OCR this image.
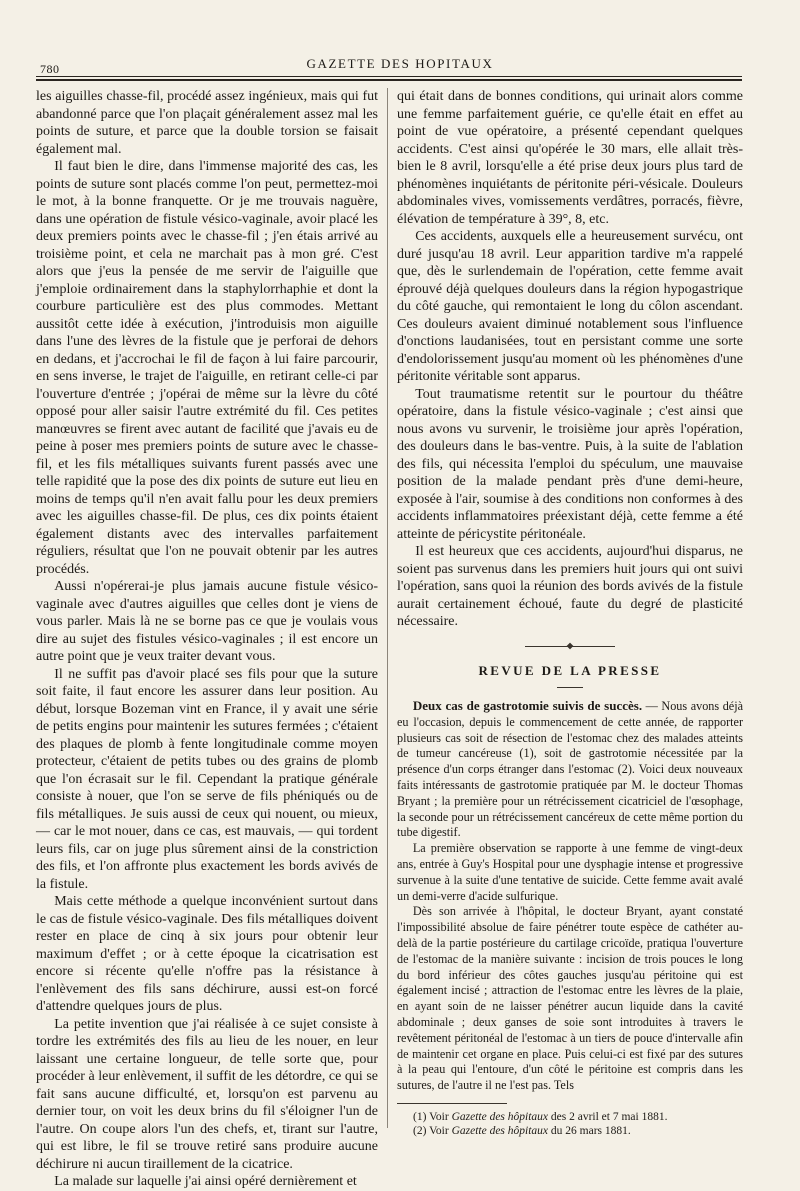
780	GAZETTE DES HOPITAUX

les aiguilles chasse-fil, procédé assez ingénieux, mais qui fut abandonné parce que l'on plaçait généralement assez mal les points de suture, et parce que la double torsion se faisait également mal.

Il faut bien le dire, dans l'immense majorité des cas, les points de suture sont placés comme l'on peut, permettez-moi le mot, à la bonne franquette. Or je me trouvais naguère, dans une opération de fistule vésico-vaginale, avoir placé les deux premiers points avec le chasse-fil ; j'en étais arrivé au troisième point, et cela ne marchait pas à mon gré. C'est alors que j'eus la pensée de me servir de l'aiguille que j'emploie ordinairement dans la staphylorrhaphie et dont la courbure particulière est des plus commodes. Mettant aussitôt cette idée à exécution, j'introduisis mon aiguille dans l'une des lèvres de la fistule que je perforai de dehors en dedans, et j'accrochai le fil de façon à lui faire parcourir, en sens inverse, le trajet de l'aiguille, en retirant celle-ci par l'ouverture d'entrée ; j'opérai de même sur la lèvre du côté opposé pour aller saisir l'autre extrémité du fil. Ces petites manœuvres se firent avec autant de facilité que j'avais eu de peine à poser mes premiers points de suture avec le chasse-fil, et les fils métalliques suivants furent passés avec une telle rapidité que la pose des dix points de suture eut lieu en moins de temps qu'il n'en avait fallu pour les deux premiers avec les aiguilles chasse-fil. De plus, ces dix points étaient également distants avec des intervalles parfaitement réguliers, résultat que l'on ne pouvait obtenir par les autres procédés.

Aussi n'opérerai-je plus jamais aucune fistule vésico-vaginale avec d'autres aiguilles que celles dont je viens de vous parler. Mais là ne se borne pas ce que je voulais vous dire au sujet des fistules vésico-vaginales ; il est encore un autre point que je veux traiter devant vous.

Il ne suffit pas d'avoir placé ses fils pour que la suture soit faite, il faut encore les assurer dans leur position. Au début, lorsque Bozeman vint en France, il y avait une série de petits engins pour maintenir les sutures fermées ; c'étaient des plaques de plomb à fente longitudinale comme moyen protecteur, c'étaient de petits tubes ou des grains de plomb que l'on écrasait sur le fil. Cependant la pratique générale consiste à nouer, que l'on se serve de fils phéniqués ou de fils métalliques. Je suis aussi de ceux qui nouent, ou mieux, — car le mot nouer, dans ce cas, est mauvais, — qui tordent leurs fils, car on juge plus sûrement ainsi de la constriction des fils, et l'on affronte plus exactement les bords avivés de la fistule.

Mais cette méthode a quelque inconvénient surtout dans le cas de fistule vésico-vaginale. Des fils métalliques doivent rester en place de cinq à six jours pour obtenir leur maximum d'effet ; or à cette époque la cicatrisation est encore si récente qu'elle n'offre pas la résistance à l'enlèvement des fils sans déchirure, aussi est-on forcé d'attendre quelques jours de plus.

La petite invention que j'ai réalisée à ce sujet consiste à tordre les extrémités des fils au lieu de les nouer, en leur laissant une certaine longueur, de telle sorte que, pour procéder à leur enlèvement, il suffit de les détordre, ce qui se fait sans aucune difficulté, et, lorsqu'on est parvenu au dernier tour, on voit les deux brins du fil s'éloigner l'un de l'autre. On coupe alors l'un des chefs, et, tirant sur l'autre, qui est libre, le fil se trouve retiré sans produire aucune déchirure ni aucun tiraillement de la cicatrice.

La malade sur laquelle j'ai ainsi opéré dernièrement et

qui était dans de bonnes conditions, qui urinait alors comme une femme parfaitement guérie, ce qu'elle était en effet au point de vue opératoire, a présenté cependant quelques accidents. C'est ainsi qu'opérée le 30 mars, elle allait très-bien le 8 avril, lorsqu'elle a été prise deux jours plus tard de phénomènes inquiétants de péritonite péri-vésicale. Douleurs abdominales vives, vomissements verdâtres, porracés, fièvre, élévation de température à 39°, 8, etc.

Ces accidents, auxquels elle a heureusement survécu, ont duré jusqu'au 18 avril. Leur apparition tardive m'a rappelé que, dès le surlendemain de l'opération, cette femme avait éprouvé déjà quelques douleurs dans la région hypogastrique du côté gauche, qui remontaient le long du côlon ascendant. Ces douleurs avaient diminué notablement sous l'influence d'onctions laudanisées, tout en persistant comme une sorte d'endolorissement jusqu'au moment où les phénomènes d'une péritonite véritable sont apparus.

Tout traumatisme retentit sur le pourtour du théâtre opératoire, dans la fistule vésico-vaginale ; c'est ainsi que nous avons vu survenir, le troisième jour après l'opération, des douleurs dans le bas-ventre. Puis, à la suite de l'ablation des fils, qui nécessita l'emploi du spéculum, une mauvaise position de la malade pendant près d'une demi-heure, exposée à l'air, soumise à des conditions non conformes à des accidents inflammatoires préexistant déjà, cette femme a été atteinte de péricystite péritonéale.

Il est heureux que ces accidents, aujourd'hui disparus, ne soient pas survenus dans les premiers huit jours qui ont suivi l'opération, sans quoi la réunion des bords avivés de la fistule aurait certainement échoué, faute du degré de plasticité nécessaire.

REVUE DE LA PRESSE

Deux cas de gastrotomie suivis de succès. — Nous avons déjà eu l'occasion, depuis le commencement de cette année, de rapporter plusieurs cas soit de résection de l'estomac chez des malades atteints de tumeur cancéreuse (1), soit de gastrotomie nécessitée par la présence d'un corps étranger dans l'estomac (2). Voici deux nouveaux faits intéressants de gastrotomie pratiquée par M. le docteur Thomas Bryant ; la première pour un rétrécissement cicatriciel de l'œsophage, la seconde pour un rétrécissement cancéreux de cette même portion du tube digestif.

La première observation se rapporte à une femme de vingt-deux ans, entrée à Guy's Hospital pour une dysphagie intense et progressive survenue à la suite d'une tentative de suicide. Cette femme avait avalé un demi-verre d'acide sulfurique.

Dès son arrivée à l'hôpital, le docteur Bryant, ayant constaté l'impossibilité absolue de faire pénétrer toute espèce de cathéter au-delà de la partie postérieure du cartilage cricoïde, pratiqua l'ouverture de l'estomac de la manière suivante : incision de trois pouces le long du bord inférieur des côtes gauches jusqu'au péritoine qui est également incisé ; attraction de l'estomac entre les lèvres de la plaie, en ayant soin de ne laisser pénétrer aucun liquide dans la cavité abdominale ; deux ganses de soie sont introduites à travers le revêtement péritonéal de l'estomac à un tiers de pouce d'intervalle afin de maintenir cet organe en place. Puis celui-ci est fixé par des sutures à la peau qui l'entoure, d'un côté le péritoine est compris dans les sutures, de l'autre il ne l'est pas. Tels

(1) Voir Gazette des hôpitaux des 2 avril et 7 mai 1881.
(2) Voir Gazette des hôpitaux du 26 mars 1881.
